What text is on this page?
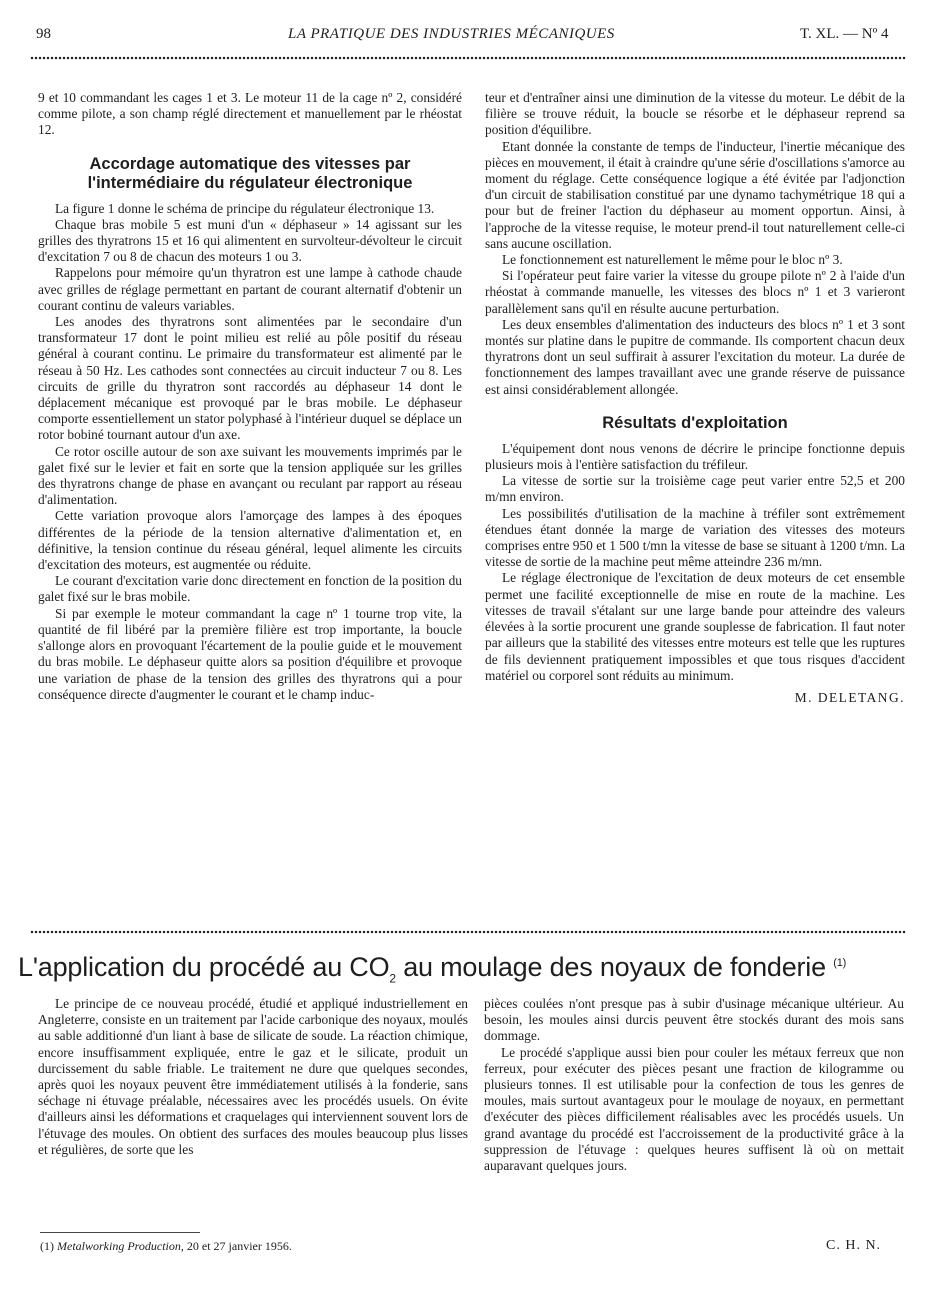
98	LA PRATIQUE DES INDUSTRIES MÉCANIQUES	T. XL. — Nº 4

9 et 10 commandant les cages 1 et 3. Le moteur 11 de la cage nº 2, considéré comme pilote, a son champ réglé directement et manuellement par le rhéostat 12.

Accordage automatique des vitesses par l'intermédiaire du régulateur électronique

La figure 1 donne le schéma de principe du régulateur électronique 13.

Chaque bras mobile 5 est muni d'un « déphaseur » 14 agissant sur les grilles des thyratrons 15 et 16 qui alimentent en survolteur-dévolteur le circuit d'excitation 7 ou 8 de chacun des moteurs 1 ou 3.

Rappelons pour mémoire qu'un thyratron est une lampe à cathode chaude avec grilles de réglage permettant en partant de courant alternatif d'obtenir un courant continu de valeurs variables.

Les anodes des thyratrons sont alimentées par le secondaire d'un transformateur 17 dont le point milieu est relié au pôle positif du réseau général à courant continu. Le primaire du transformateur est alimenté par le réseau à 50 Hz. Les cathodes sont connectées au circuit inducteur 7 ou 8. Les circuits de grille du thyratron sont raccordés au déphaseur 14 dont le déplacement mécanique est provoqué par le bras mobile. Le déphaseur comporte essentiellement un stator polyphasé à l'intérieur duquel se déplace un rotor bobiné tournant autour d'un axe.

Ce rotor oscille autour de son axe suivant les mouvements imprimés par le galet fixé sur le levier et fait en sorte que la tension appliquée sur les grilles des thyratrons change de phase en avançant ou reculant par rapport au réseau d'alimentation.

Cette variation provoque alors l'amorçage des lampes à des époques différentes de la période de la tension alternative d'alimentation et, en définitive, la tension continue du réseau général, lequel alimente les circuits d'excitation des moteurs, est augmentée ou réduite.

Le courant d'excitation varie donc directement en fonction de la position du galet fixé sur le bras mobile.

Si par exemple le moteur commandant la cage nº 1 tourne trop vite, la quantité de fil libéré par la première filière est trop importante, la boucle s'allonge alors en provoquant l'écartement de la poulie guide et le mouvement du bras mobile. Le déphaseur quitte alors sa position d'équilibre et provoque une variation de phase de la tension des grilles des thyratrons qui a pour conséquence directe d'augmenter le courant et le champ induc-

teur et d'entraîner ainsi une diminution de la vitesse du moteur. Le débit de la filière se trouve réduit, la boucle se résorbe et le déphaseur reprend sa position d'équilibre.

Etant donnée la constante de temps de l'inducteur, l'inertie mécanique des pièces en mouvement, il était à craindre qu'une série d'oscillations s'amorce au moment du réglage. Cette conséquence logique a été évitée par l'adjonction d'un circuit de stabilisation constitué par une dynamo tachymétrique 18 qui a pour but de freiner l'action du déphaseur au moment opportun. Ainsi, à l'approche de la vitesse requise, le moteur prend-il tout naturellement celle-ci sans aucune oscillation.

Le fonctionnement est naturellement le même pour le bloc nº 3.

Si l'opérateur peut faire varier la vitesse du groupe pilote nº 2 à l'aide d'un rhéostat à commande manuelle, les vitesses des blocs nº 1 et 3 varieront parallèlement sans qu'il en résulte aucune perturbation.

Les deux ensembles d'alimentation des inducteurs des blocs nº 1 et 3 sont montés sur platine dans le pupitre de commande. Ils comportent chacun deux thyratrons dont un seul suffirait à assurer l'excitation du moteur. La durée de fonctionnement des lampes travaillant avec une grande réserve de puissance est ainsi considérablement allongée.

Résultats d'exploitation

L'équipement dont nous venons de décrire le principe fonctionne depuis plusieurs mois à l'entière satisfaction du tréfileur.

La vitesse de sortie sur la troisième cage peut varier entre 52,5 et 200 m/mn environ.

Les possibilités d'utilisation de la machine à tréfiler sont extrêmement étendues étant donnée la marge de variation des vitesses des moteurs comprises entre 950 et 1 500 t/mn la vitesse de base se situant à 1200 t/mn. La vitesse de sortie de la machine peut même atteindre 236 m/mn.

Le réglage électronique de l'excitation de deux moteurs de cet ensemble permet une facilité exceptionnelle de mise en route de la machine. Les vitesses de travail s'étalant sur une large bande pour atteindre des valeurs élevées à la sortie procurent une grande souplesse de fabrication. Il faut noter par ailleurs que la stabilité des vitesses entre moteurs est telle que les ruptures de fils deviennent pratiquement impossibles et que tous risques d'accident matériel ou corporel sont réduits au minimum.

M. DELETANG.
L'application du procédé au $CO_2$ au moulage des noyaux de fonderie $^{(1)}$

Le principe de ce nouveau procédé, étudié et appliqué industriellement en Angleterre, consiste en un traitement par l'acide carbonique des noyaux, moulés au sable additionné d'un liant à base de silicate de soude. La réaction chimique, encore insuffisamment expliquée, entre le gaz et le silicate, produit un durcissement du sable friable. Le traitement ne dure que quelques secondes, après quoi les noyaux peuvent être immédiatement utilisés à la fonderie, sans séchage ni étuvage préalable, nécessaires avec les procédés usuels. On évite d'ailleurs ainsi les déformations et craquelages qui interviennent souvent lors de l'étuvage des moules. On obtient des surfaces des moules beaucoup plus lisses et régulières, de sorte que les

pièces coulées n'ont presque pas à subir d'usinage mécanique ultérieur. Au besoin, les moules ainsi durcis peuvent être stockés durant des mois sans dommage.

Le procédé s'applique aussi bien pour couler les métaux ferreux que non ferreux, pour exécuter des pièces pesant une fraction de kilogramme ou plusieurs tonnes. Il est utilisable pour la confection de tous les genres de moules, mais surtout avantageux pour le moulage de noyaux, en permettant d'exécuter des pièces difficilement réalisables avec les procédés usuels. Un grand avantage du procédé est l'accroissement de la productivité grâce à la suppression de l'étuvage : quelques heures suffisent là où on mettait auparavant quelques jours.

(1) Metalworking Production, 20 et 27 janvier 1956.	C. H. N.
